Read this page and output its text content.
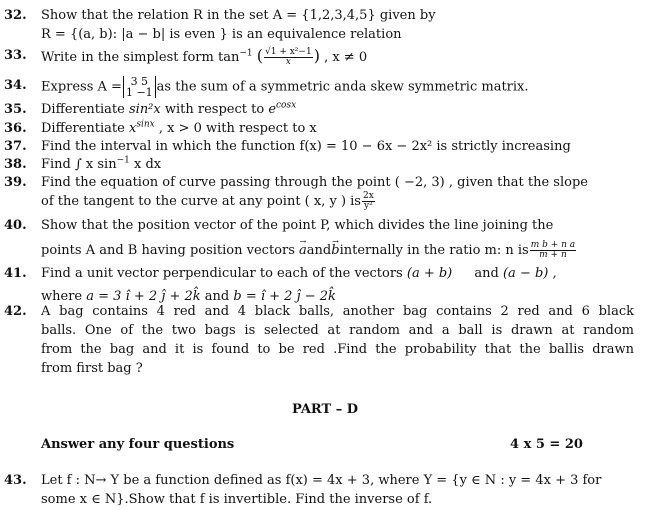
32.	Show that the relation R in the set A = {1,2,3,4,5} given by
R = {(a, b): |a − b| is even } is an equivalence relation
33.	Write in the simplest form $\tan^{-1}$ ( $\frac{\text{√1 + x²−1}}{x}$ ) , x ≠ 0
34.	Express A = 3 5
1 −1 as the sum of a symmetric anda skew symmetric matrix.
35.	Differentiate sin²x with respect to $e^{cosx}$
36.	Differentiate $x^{sinx}$ , x > 0 with respect to x
37.	Find the interval in which the function f(x) = 10 − 6x − 2x² is strictly increasing
38.	Find ∫ x $\sin^{-1} x$ dx
39.	Find the equation of curve passing through the point ( −2, 3) , given that the slope
of the tangent to the curve at any point ( x, y ) is $\frac{2x}{\text{y²}}$
40.	Show that the position vector of the point P, which divides the line joining the
points A and B having position vectors → aand→ binternally in the ratio m: n is $\frac{\text{m b + n a}}{m + n}$
41.	Find a unit vector perpendicular to each of the vectors (a + b) and (a − b) ,
where a = 3 î + 2 ĵ + 2k̂ and b = î + 2 ĵ − 2k̂
42.	A bag contains 4 red and 4 black balls, another bag contains 2 red and 6 black
balls. One of the two bags is selected at random and a ball is drawn at random
from the bag and it is found to be red .Find the probability that the ballis drawn
from first bag ?
PART – D
Answer any four questions	4 x 5 = 20
43.	Let f : N→ Y be a function defined as f(x) = 4x + 3, where Y = {y ∈ N : y = 4x + 3 for
some x ∈ N}.Show that f is invertible. Find the inverse of f.
